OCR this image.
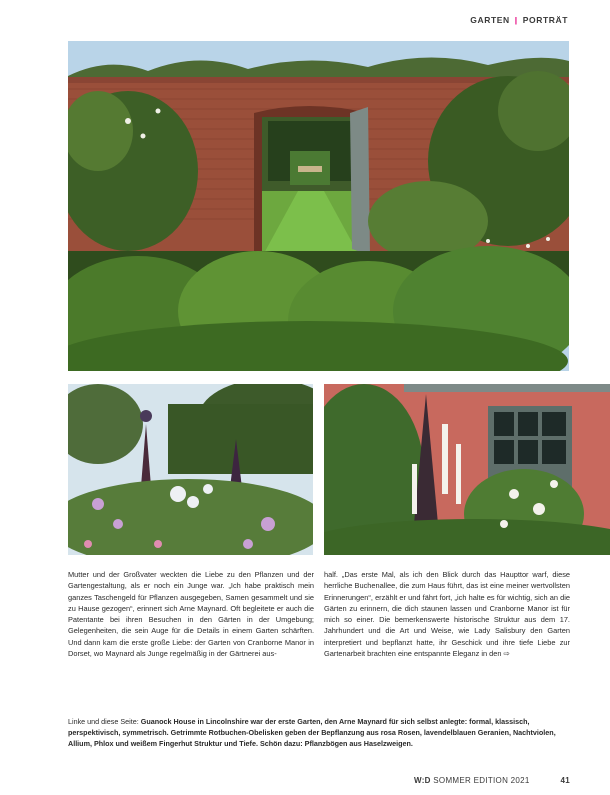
GARTEN | PORTRÄT
Mutter und der Großvater weckten die Liebe zu den Pflanzen und der Gartengestaltung, als er noch ein Junge war. „Ich habe praktisch mein ganzes Taschengeld für Pflanzen ausgegeben, Samen gesammelt und sie zu Hause gezogen“, erinnert sich Arne Maynard. Oft begleitete er auch die Patentante bei ihren Besuchen in den Gärten in der Umgebung; Gelegenheiten, die sein Auge für die Details in einem Garten schärften. Und dann kam die erste große Liebe: der Garten von Cranborne Manor in Dorset, wo Maynard als Junge regelmäßig in der Gärtnerei aus-
half. „Das erste Mal, als ich den Blick durch das Haupttor warf, diese herrliche Buchenallee, die zum Haus führt, das ist eine meiner wertvollsten Erinnerungen“, erzählt er und fährt fort, „ich halte es für wichtig, sich an die Gärten zu erinnern, die dich staunen lassen und Cranborne Manor ist für mich so einer. Die bemerkenswerte historische Struktur aus dem 17. Jahrhundert und die Art und Weise, wie Lady Salisbury den Garten interpretiert und bepflanzt hatte, ihr Geschick und ihre tiefe Liebe zur Gartenarbeit brachten eine entspannte Eleganz in den ⇨
Linke und diese Seite: Guanock House in Lincolnshire war der erste Garten, den Arne Maynard für sich selbst anlegte: formal, klassisch, perspektivisch, symmetrisch. Getrimmte Rotbuchen-Obelisken geben der Bepflanzung aus rosa Rosen, lavendelblauen Geranien, Nachtviolen, Allium, Phlox und weißem Fingerhut Struktur und Tiefe. Schön dazu: Pflanzbögen aus Haselzweigen.
W:D SOMMER EDITION 2021	41
